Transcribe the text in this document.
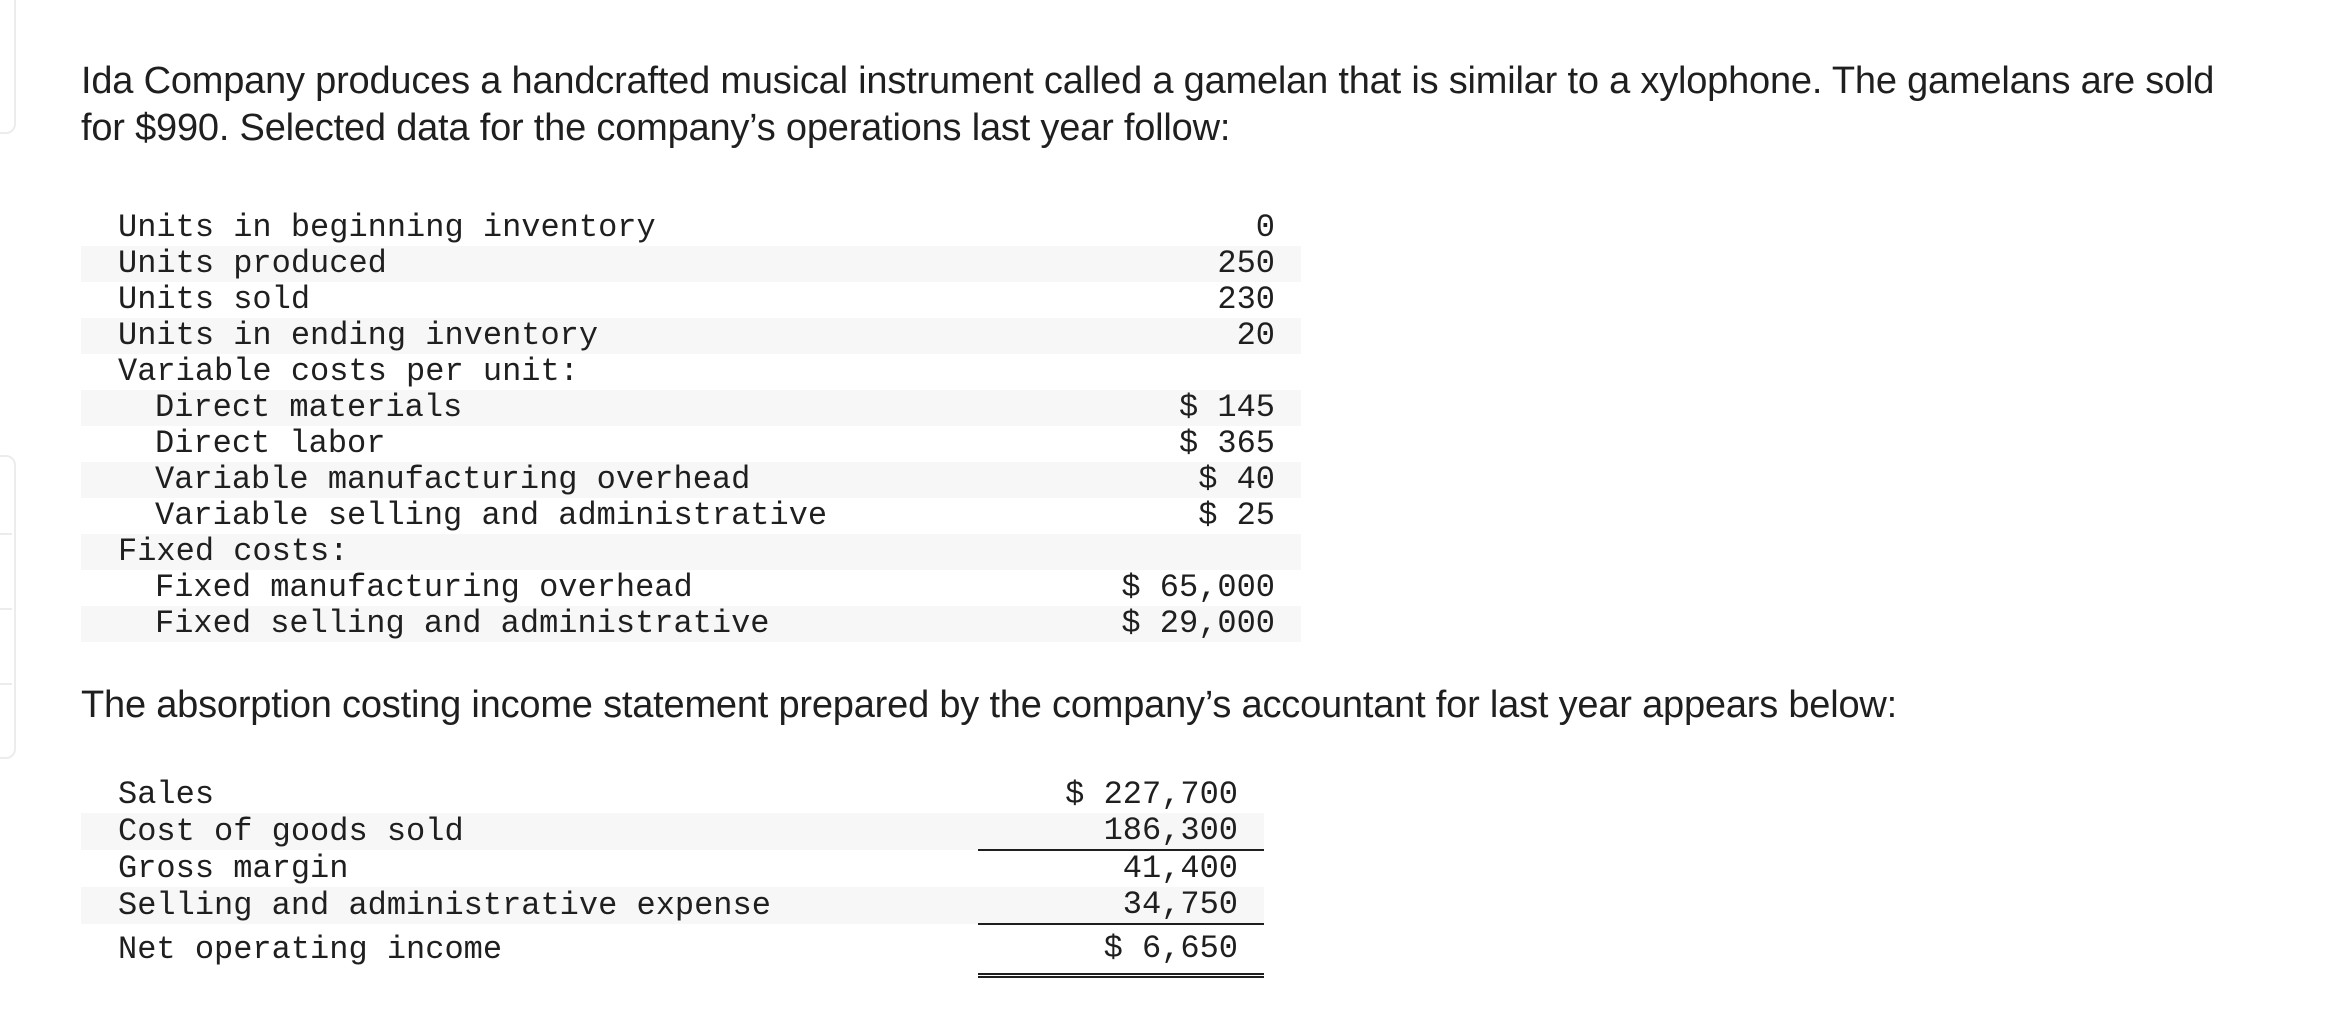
Ida Company produces a handcrafted musical instrument called a gamelan that is similar to a xylophone. The gamelans are sold for $990. Selected data for the company’s operations last year follow:

Units in beginning inventory	0
Units produced	250
Units sold	230
Units in ending inventory	20
Variable costs per unit:	
Direct materials	$ 145
Direct labor	$ 365
Variable manufacturing overhead	$ 40
Variable selling and administrative	$ 25
Fixed costs:	
Fixed manufacturing overhead	$ 65,000
Fixed selling and administrative	$ 29,000

The absorption costing income statement prepared by the company’s accountant for last year appears below:

Sales	$ 227,700
Cost of goods sold	186,300
Gross margin	41,400
Selling and administrative expense	34,750
Net operating income	$ 6,650
